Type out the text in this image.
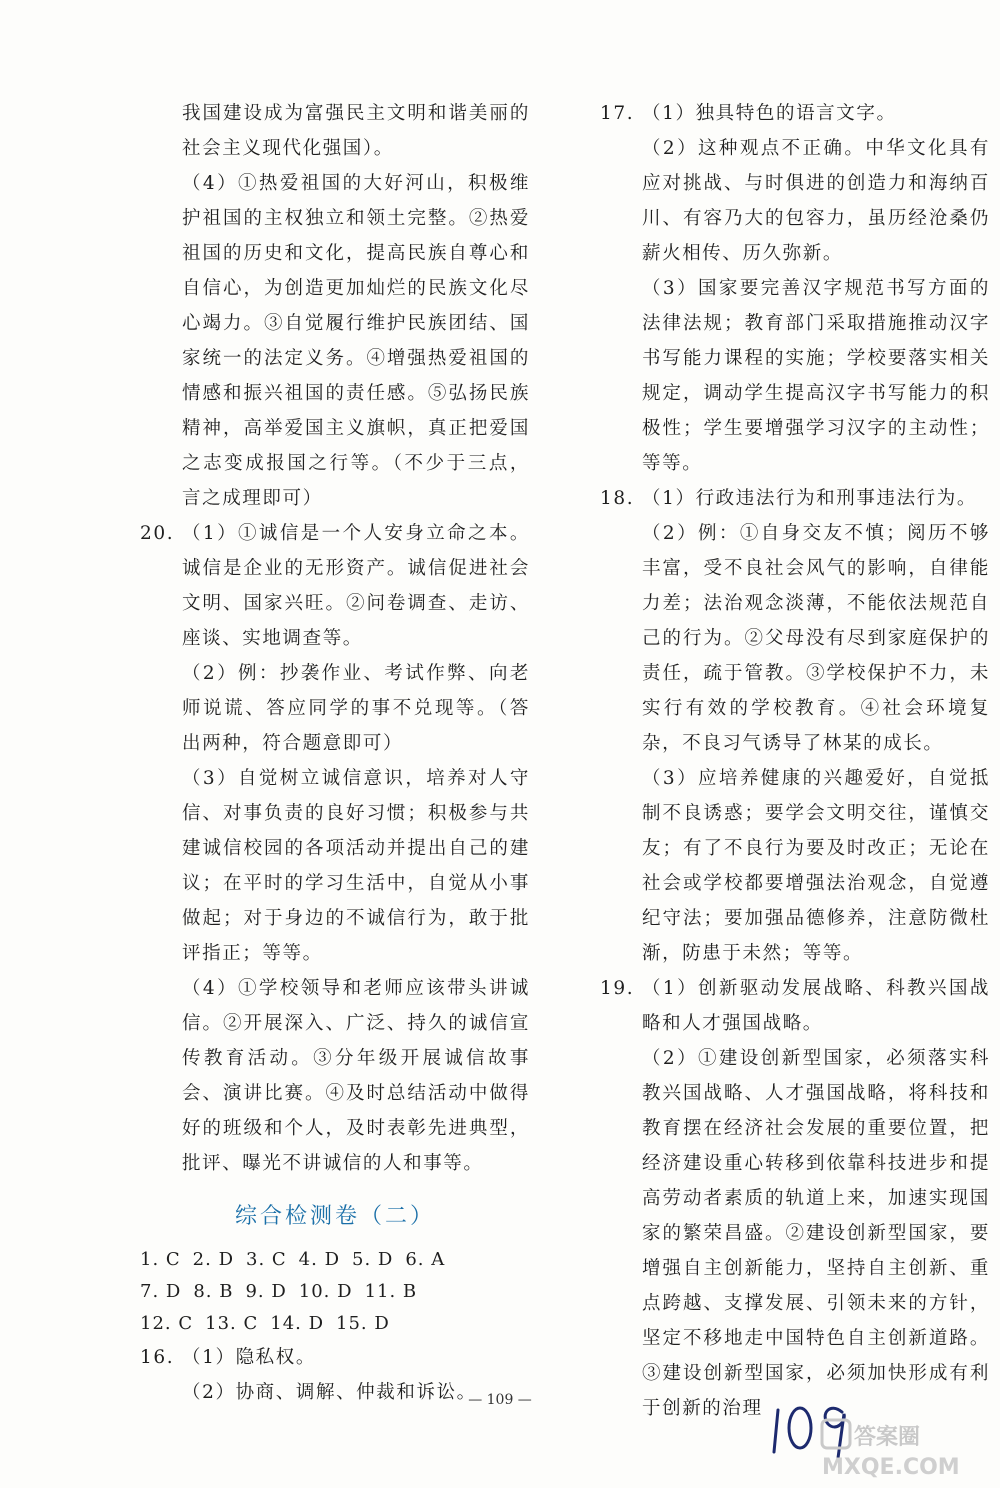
我国建设成为富强民主文明和谐美丽的社会主义现代化强国）。

（4）①热爱祖国的大好河山，积极维护祖国的主权独立和领土完整。②热爱祖国的历史和文化，提高民族自尊心和自信心，为创造更加灿烂的民族文化尽心竭力。③自觉履行维护民族团结、国家统一的法定义务。④增强热爱祖国的情感和振兴祖国的责任感。⑤弘扬民族精神，高举爱国主义旗帜，真正把爱国之志变成报国之行等。（不少于三点，言之成理即可）

20. （1）①诚信是一个人安身立命之本。诚信是企业的无形资产。诚信促进社会文明、国家兴旺。②问卷调查、走访、座谈、实地调查等。

（2）例：抄袭作业、考试作弊、向老师说谎、答应同学的事不兑现等。（答出两种，符合题意即可）

（3）自觉树立诚信意识，培养对人守信、对事负责的良好习惯；积极参与共建诚信校园的各项活动并提出自己的建议；在平时的学习生活中，自觉从小事做起；对于身边的不诚信行为，敢于批评指正；等等。

（4）①学校领导和老师应该带头讲诚信。②开展深入、广泛、持久的诚信宣传教育活动。③分年级开展诚信故事会、演讲比赛。④及时总结活动中做得好的班级和个人，及时表彰先进典型，批评、曝光不讲诚信的人和事等。

综合检测卷（二）

1. C 2. D 3. C 4. D 5. D 6. A

7. D 8. B 9. D 10. D 11. B

12. C 13. C 14. D 15. D

16. （1）隐私权。

（2）协商、调解、仲裁和诉讼。

17. （1）独具特色的语言文字。

（2）这种观点不正确。中华文化具有应对挑战、与时俱进的创造力和海纳百川、有容乃大的包容力，虽历经沧桑仍薪火相传、历久弥新。

（3）国家要完善汉字规范书写方面的法律法规；教育部门采取措施推动汉字书写能力课程的实施；学校要落实相关规定，调动学生提高汉字书写能力的积极性；学生要增强学习汉字的主动性；等等。

18. （1）行政违法行为和刑事违法行为。

（2）例：①自身交友不慎；阅历不够丰富，受不良社会风气的影响，自律能力差；法治观念淡薄，不能依法规范自己的行为。②父母没有尽到家庭保护的责任，疏于管教。③学校保护不力，未实行有效的学校教育。④社会环境复杂，不良习气诱导了林某的成长。

（3）应培养健康的兴趣爱好，自觉抵制不良诱惑；要学会文明交往，谨慎交友；有了不良行为要及时改正；无论在社会或学校都要增强法治观念，自觉遵纪守法；要加强品德修养，注意防微杜渐，防患于未然；等等。

19. （1）创新驱动发展战略、科教兴国战略和人才强国战略。

（2）①建设创新型国家，必须落实科教兴国战略、人才强国战略，将科技和教育摆在经济社会发展的重要位置，把经济建设重心转移到依靠科技进步和提高劳动者素质的轨道上来，加速实现国家的繁荣昌盛。②建设创新型国家，要增强自主创新能力，坚持自主创新、重点跨越、支撑发展、引领未来的方针，坚定不移地走中国特色自主创新道路。③建设创新型国家，必须加快形成有利于创新的治理

— 109 —
答案圈
MXQE.COM
